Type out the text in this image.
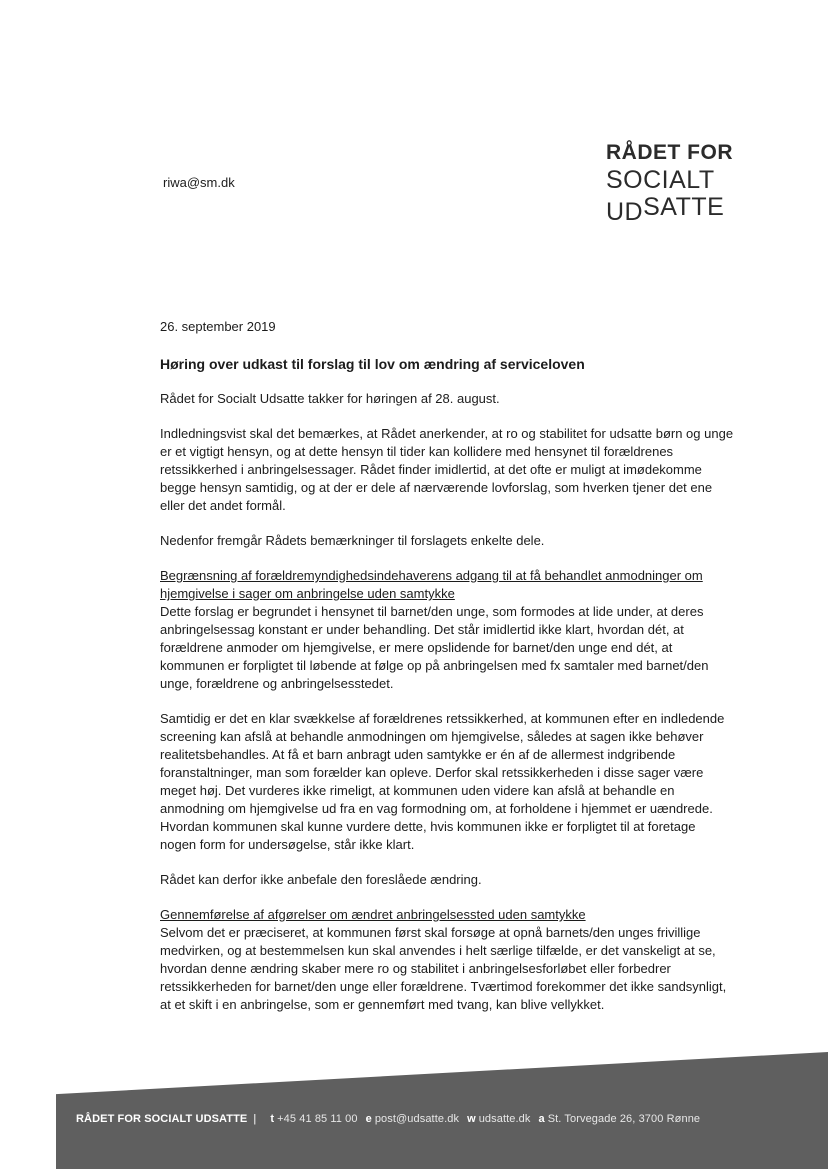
RÅDET FOR
SOCIALT
UDSATTE
riwa@sm.dk

26. september 2019

Høring over udkast til forslag til lov om ændring af serviceloven

Rådet for Socialt Udsatte takker for høringen af 28. august.

Indledningsvist skal det bemærkes, at Rådet anerkender, at ro og stabilitet for udsatte børn og unge er et vigtigt hensyn, og at dette hensyn til tider kan kollidere med hensynet til forældrenes retssikkerhed i anbringelsessager. Rådet finder imidlertid, at det ofte er muligt at imødekomme begge hensyn samtidig, og at der er dele af nærværende lovforslag, som hverken tjener det ene eller det andet formål.

Nedenfor fremgår Rådets bemærkninger til forslagets enkelte dele.

Begrænsning af forældremyndighedsindehaverens adgang til at få behandlet anmodninger om hjemgivelse i sager om anbringelse uden samtykke

Dette forslag er begrundet i hensynet til barnet/den unge, som formodes at lide under, at deres anbringelsessag konstant er under behandling. Det står imidlertid ikke klart, hvordan dét, at forældrene anmoder om hjemgivelse, er mere opslidende for barnet/den unge end dét, at kommunen er forpligtet til løbende at følge op på anbringelsen med fx samtaler med barnet/den unge, forældrene og anbringelsesstedet.

Samtidig er det en klar svækkelse af forældrenes retssikkerhed, at kommunen efter en indledende screening kan afslå at behandle anmodningen om hjemgivelse, således at sagen ikke behøver realitetsbehandles. At få et barn anbragt uden samtykke er én af de allermest indgribende foranstaltninger, man som forælder kan opleve. Derfor skal retssikkerheden i disse sager være meget høj. Det vurderes ikke rimeligt, at kommunen uden videre kan afslå at behandle en anmodning om hjemgivelse ud fra en vag formodning om, at forholdene i hjemmet er uændrede. Hvordan kommunen skal kunne vurdere dette, hvis kommunen ikke er forpligtet til at foretage nogen form for undersøgelse, står ikke klart.

Rådet kan derfor ikke anbefale den foreslåede ændring.

Gennemførelse af afgørelser om ændret anbringelsessted uden samtykke

Selvom det er præciseret, at kommunen først skal forsøge at opnå barnets/den unges frivillige medvirken, og at bestemmelsen kun skal anvendes i helt særlige tilfælde, er det vanskeligt at se, hvordan denne ændring skaber mere ro og stabilitet i anbringelsesforløbet eller forbedrer retssikkerheden for barnet/den unge eller forældrene. Tværtimod forekommer det ikke sandsynligt, at et skift i en anbringelse, som er gennemført med tvang, kan blive vellykket.

RÅDET FOR SOCIALT UDSATTE | t +45 41 85 11 00 e post@udsatte.dk w udsatte.dk a St. Torvegade 26, 3700 Rønne
